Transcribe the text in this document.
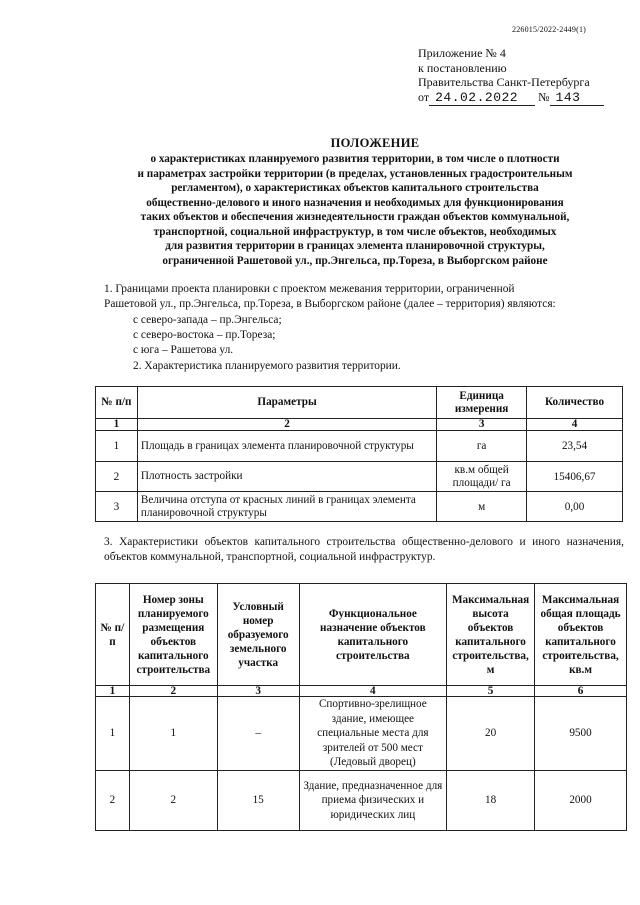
226015/2022-2449(1)
Приложение № 4
к постановлению
Правительства Санкт-Петербурга
от 24.02.2022 № 143
ПОЛОЖЕНИЕ
о характеристиках планируемого развития территории, в том числе о плотности
и параметрах застройки территории (в пределах, установленных градостроительным
регламентом), о характеристиках объектов капитального строительства
общественно-делового и иного назначения и необходимых для функционирования
таких объектов и обеспечения жизнедеятельности граждан объектов коммунальной,
транспортной, социальной инфраструктур, в том числе объектов, необходимых
для развития территории в границах элемента планировочной структуры,
ограниченной Рашетовой ул., пр.Энгельса, пр.Тореза, в Выборгском районе
1. Границами проекта планировки с проектом межевания территории, ограниченной
Рашетовой ул., пр.Энгельса, пр.Тореза, в Выборгском районе (далее – территория) являются:
с северо-запада – пр.Энгельса;
с северо-востока – пр.Тореза;
с юга – Рашетова ул.
2. Характеристика планируемого развития территории.
№ п/п	Параметры	Единица измерения	Количество
1	2	3	4
1	Площадь в границах элемента планировочной структуры	га	23,54
2	Плотность застройки	кв.м общей площади/ га	15406,67
3	Величина отступа от красных линий в границах элемента планировочной структуры	м	0,00
3. Характеристики объектов капитального строительства общественно-делового и иного назначения, объектов коммунальной, транспортной, социальной инфраструктур.
№ п/п	Номер зоны планируемого размещения объектов капитального строительства	Условный номер образуемого земельного участка	Функциональное назначение объектов капитального строительства	Максимальная высота объектов капитального строительства, м	Максимальная общая площадь объектов капитального строительства, кв.м
1	2	3	4	5	6
1	1	–	Спортивно-зрелищное здание, имеющее специальные места для зрителей от 500 мест (Ледовый дворец)	20	9500
2	2	15	Здание, предназначенное для приема физических и юридических лиц	18	2000
